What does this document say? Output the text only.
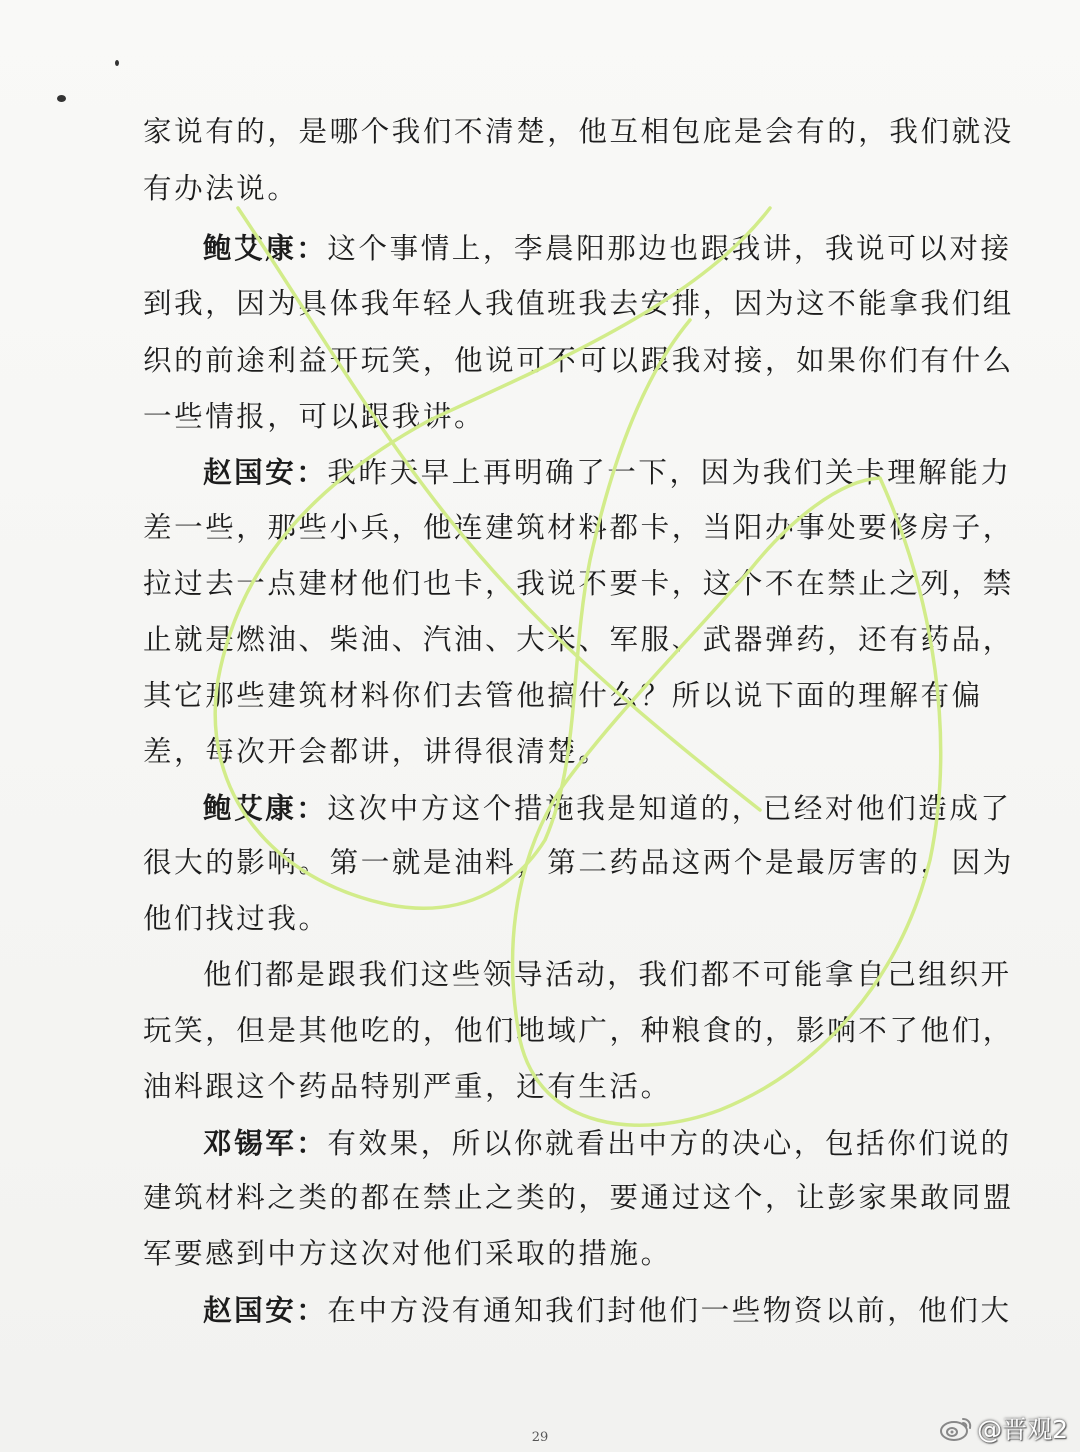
家说有的，是哪个我们不清楚，他互相包庇是会有的，我们就没
有办法说。
鲍艾康：这个事情上，李晨阳那边也跟我讲，我说可以对接
到我，因为具体我年轻人我值班我去安排，因为这不能拿我们组
织的前途利益开玩笑，他说可不可以跟我对接，如果你们有什么
一些情报，可以跟我讲。
赵国安：我昨天早上再明确了一下，因为我们关卡理解能力
差一些，那些小兵，他连建筑材料都卡，当阳办事处要修房子，
拉过去一点建材他们也卡，我说不要卡，这个不在禁止之列，禁
止就是燃油、柴油、汽油、大米、军服、武器弹药，还有药品，
其它那些建筑材料你们去管他搞什么？所以说下面的理解有偏
差，每次开会都讲，讲得很清楚。
鲍艾康：这次中方这个措施我是知道的，已经对他们造成了
很大的影响。第一就是油料，第二药品这两个是最厉害的，因为
他们找过我。
他们都是跟我们这些领导活动，我们都不可能拿自己组织开
玩笑，但是其他吃的，他们地域广，种粮食的，影响不了他们，
油料跟这个药品特别严重，还有生活。
邓锡军：有效果，所以你就看出中方的决心，包括你们说的
建筑材料之类的都在禁止之类的，要通过这个，让彭家果敢同盟
军要感到中方这次对他们采取的措施。
赵国安：在中方没有通知我们封他们一些物资以前，他们大
29	@晋观2
